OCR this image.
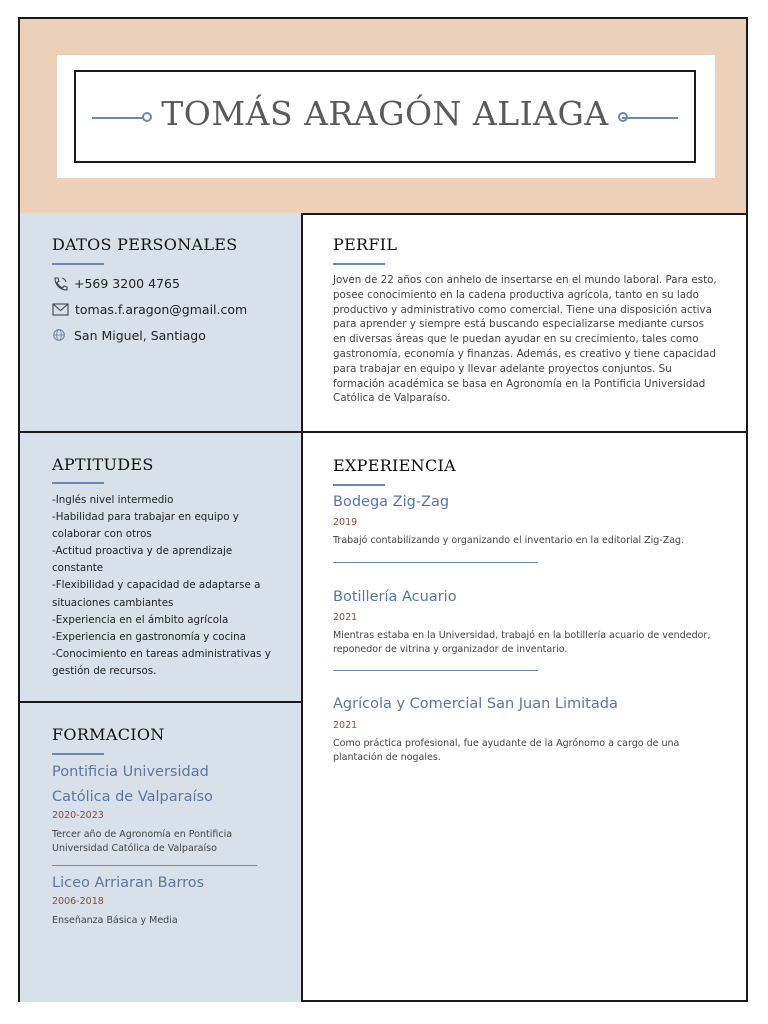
TOMÁS ARAGÓN ALIAGA
DATOS PERSONALES
+569 3200 4765
tomas.f.aragon@gmail.com
San Miguel, Santiago
APTITUDES
-Inglés nivel intermedio
-Habilidad para trabajar en equipo y colaborar con otros
-Actitud proactiva y de aprendizaje constante
-Flexibilidad y capacidad de adaptarse a situaciones cambiantes
-Experiencia en el ámbito agrícola
-Experiencia en gastronomía y cocina
-Conocimiento en tareas administrativas y gestión de recursos.
FORMACION
Pontificia Universidad Católica de Valparaíso
2020-2023
Tercer año de Agronomía en Pontificia Universidad Católica de Valparaíso
Liceo Arriaran Barros
2006-2018
Enseñanza Básica y Media
PERFIL
Joven de 22 años con anhelo de insertarse en el mundo laboral. Para esto, posee conocimiento en la cadena productiva agrícola, tanto en su lado productivo y administrativo como comercial. Tiene una disposición activa para aprender y siempre está buscando especializarse mediante cursos en diversas áreas que le puedan ayudar en su crecimiento, tales como gastronomía, economía y finanzas. Además, es creativo y tiene capacidad para trabajar en equipo y llevar adelante proyectos conjuntos. Su formación académica se basa en Agronomía en la Pontificia Universidad Católica de Valparaíso.
EXPERIENCIA
Bodega Zig-Zag
2019
Trabajó contabilizando y organizando el inventario en la editorial Zig-Zag.
Botillería Acuario
2021
Mientras estaba en la Universidad, trabajó en la botillería acuario de vendedor, reponedor de vitrina y organizador de inventario.
Agrícola y Comercial San Juan Limitada
2021
Como práctica profesional, fue ayudante de la Agrónomo a cargo de una plantación de nogales.
